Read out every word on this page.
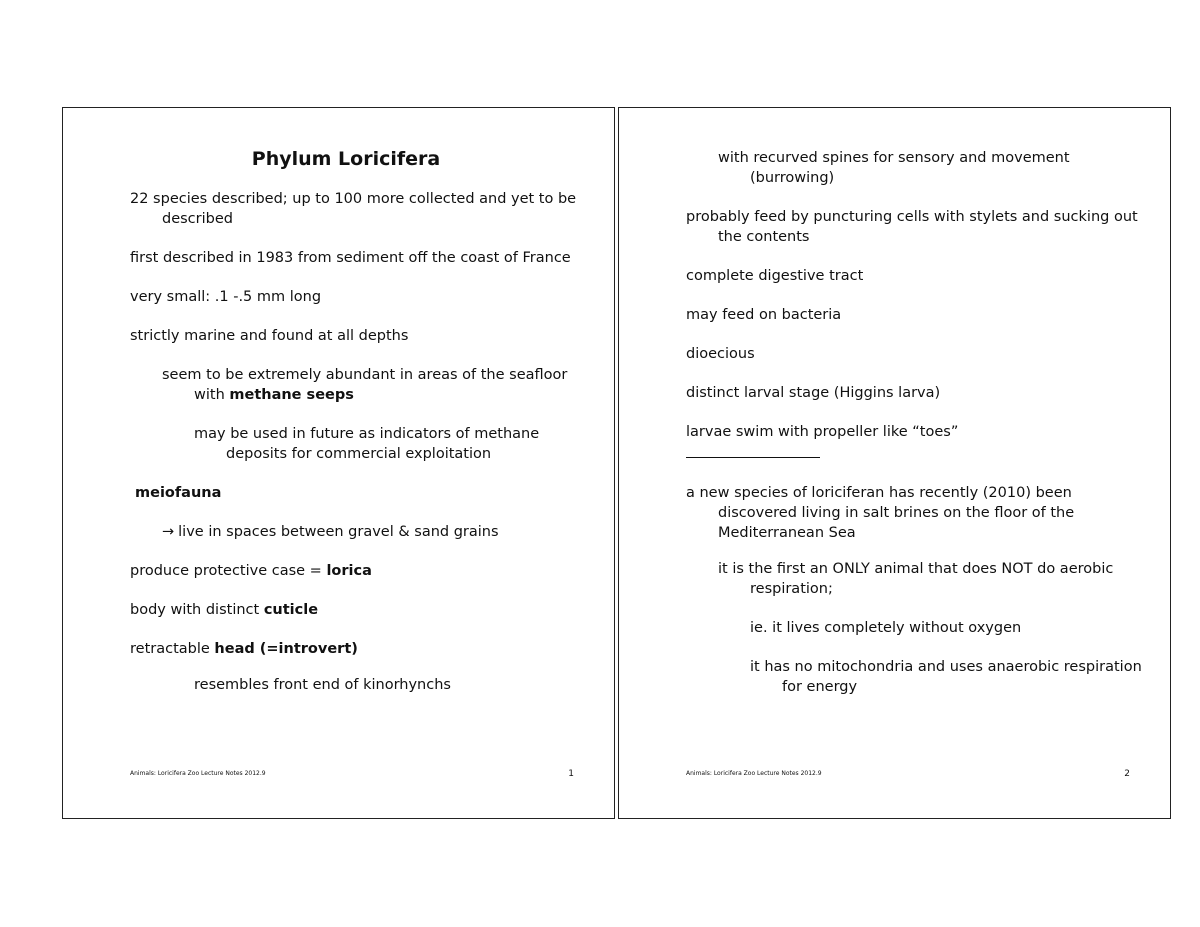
Phylum Loricifera
22 species described; up to 100 more collected and yet to be described
first described in 1983 from sediment off the coast of France
very small: .1 -.5 mm long
strictly marine and found at all depths
seem to be extremely abundant in areas of the seafloor with methane seeps
may be used in future as indicators of methane deposits for commercial exploitation
meiofauna
→ live in spaces between gravel & sand grains
produce protective case = lorica
body with distinct cuticle
retractable head (=introvert)
resembles front end of kinorhynchs
Animals: Loricifera Zoo Lecture Notes 2012.9	1
with recurved spines for sensory and movement (burrowing)
probably feed by puncturing cells with stylets and sucking out the contents
complete digestive tract
may feed on bacteria
dioecious
distinct larval stage (Higgins larva)
larvae swim with propeller like “toes”
a new species of loriciferan has recently (2010) been discovered living in salt brines on the floor of the Mediterranean Sea
it is the first an ONLY animal that does NOT do aerobic respiration;
ie. it lives completely without oxygen
it has no mitochondria and uses anaerobic respiration for energy
Animals: Loricifera Zoo Lecture Notes 2012.9	2
